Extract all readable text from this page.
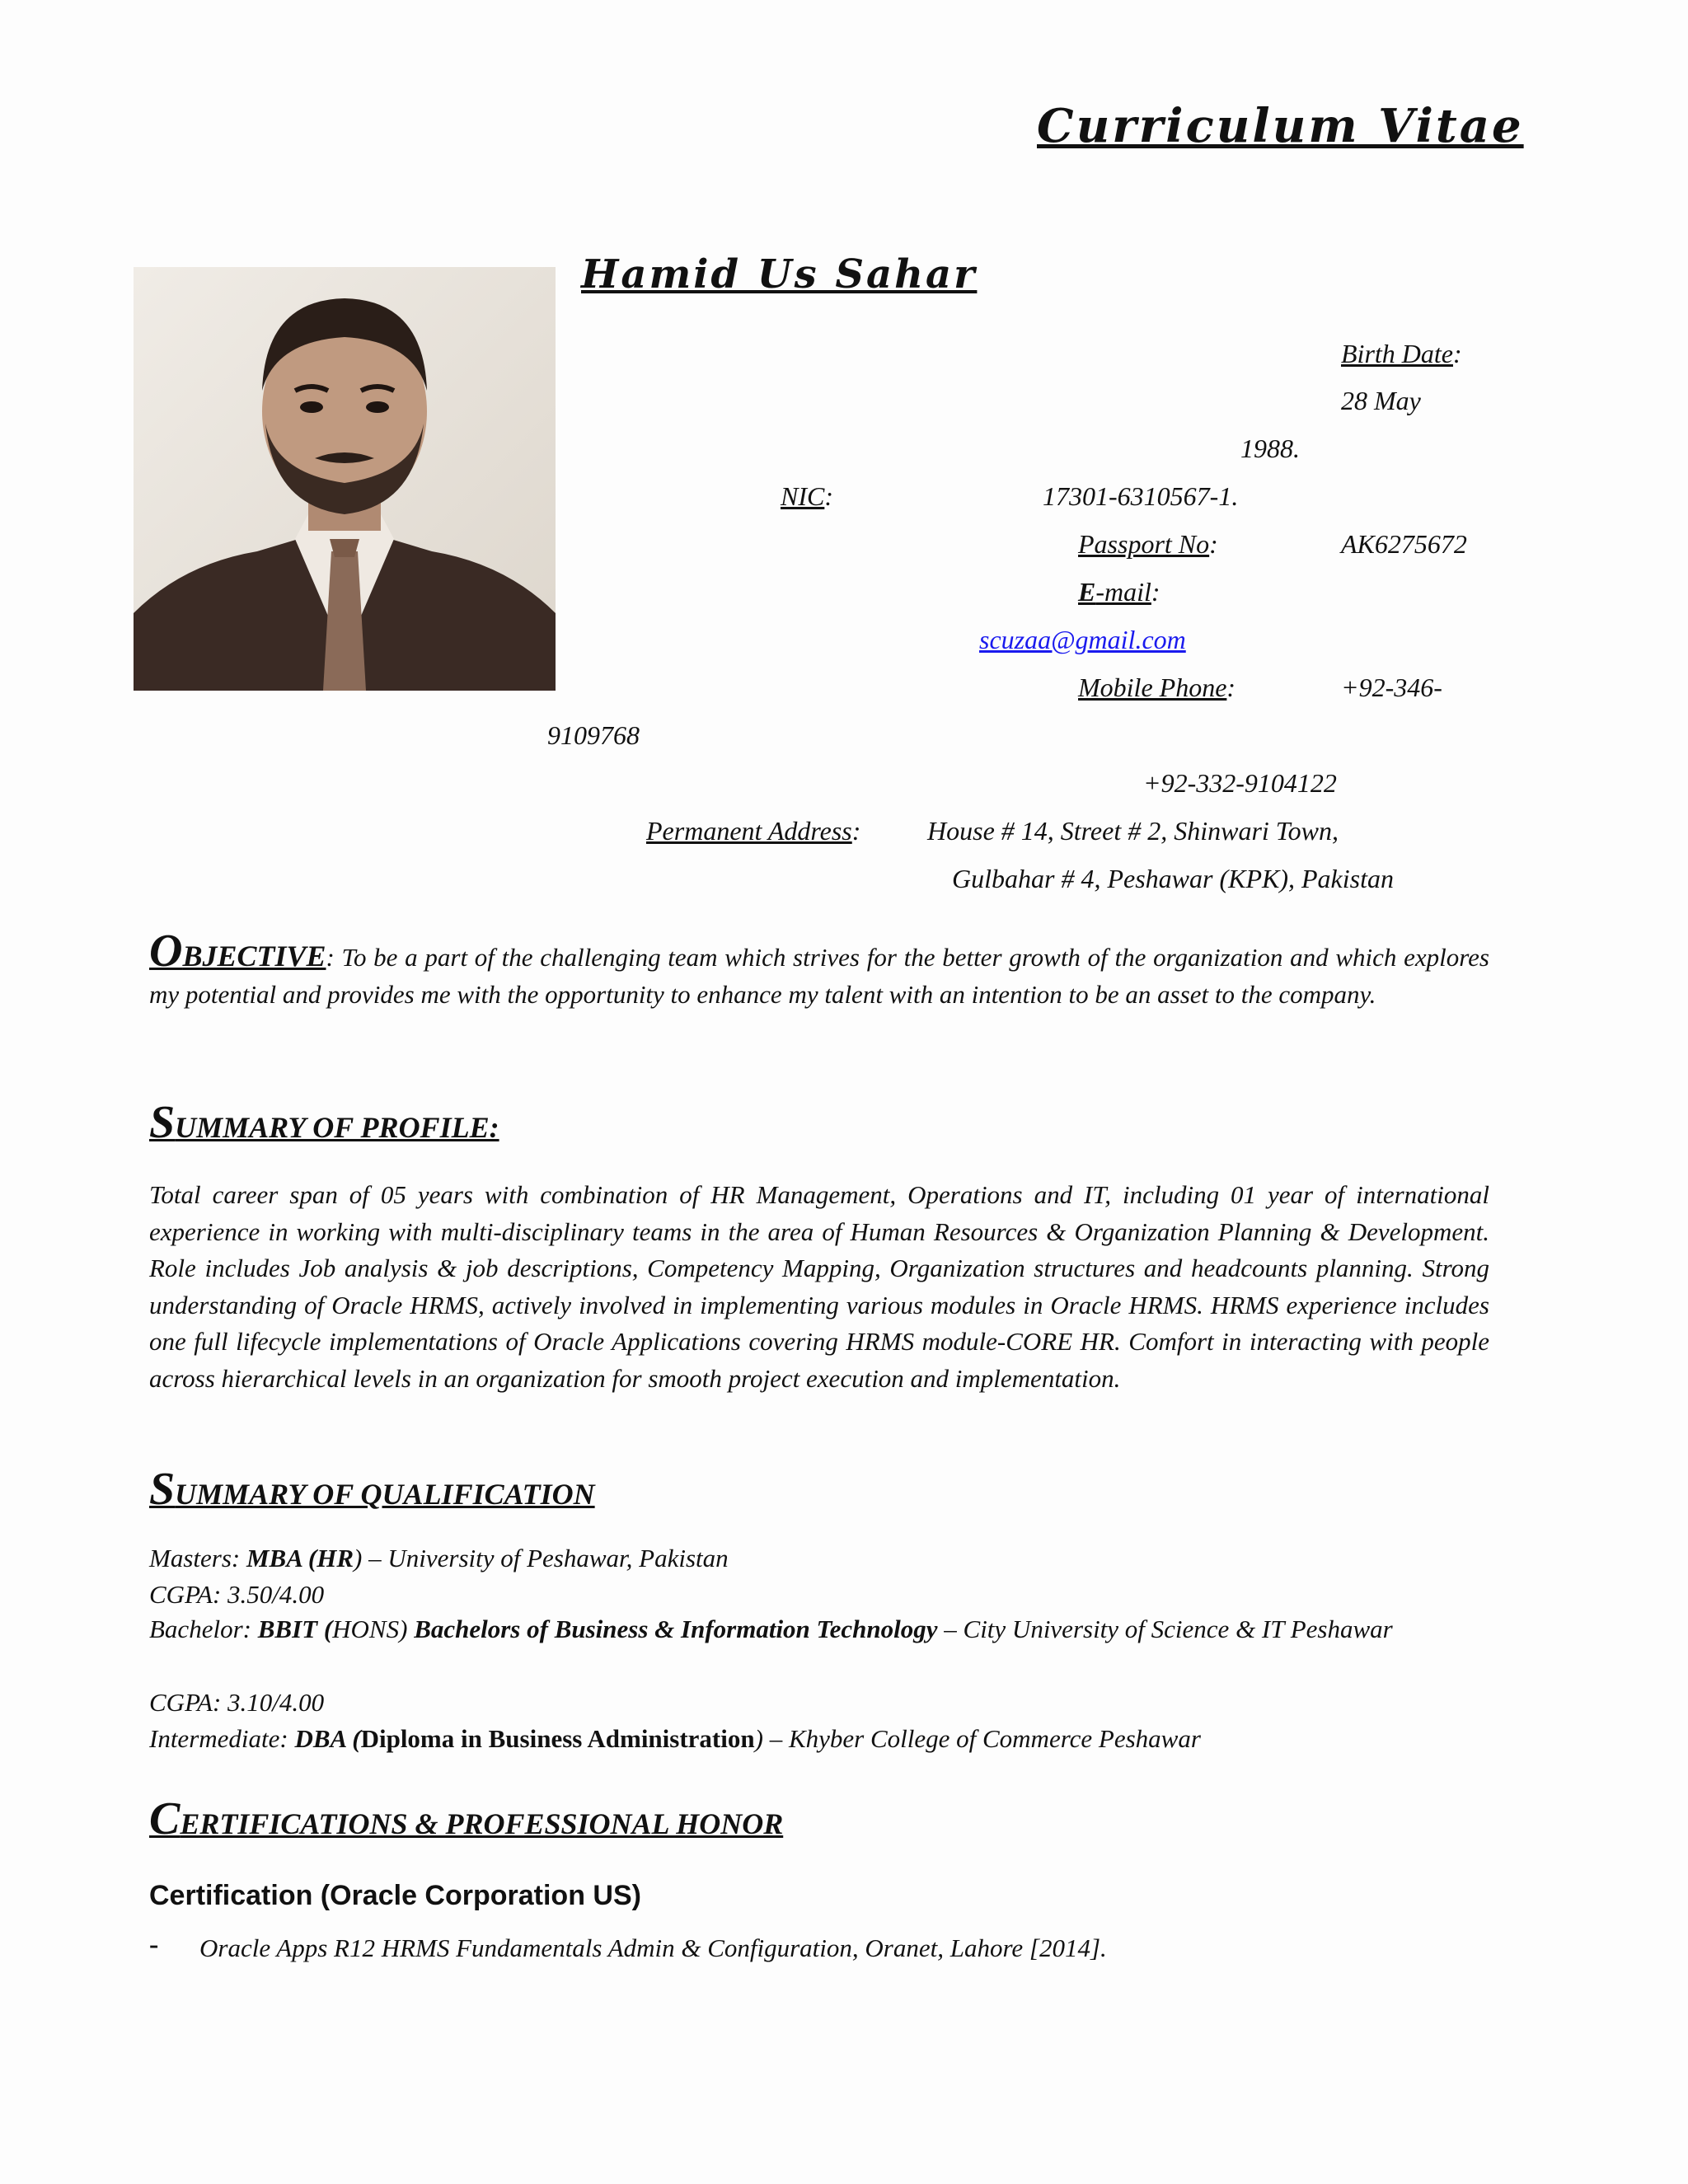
Curriculum Vitae
Hamid Us Sahar
Birth Date:
28 May
1988.
NIC:	17301-6310567-1.
Passport No:	AK6275672
E-mail:
scuzaa@gmail.com
Mobile Phone:	+92-346-
9109768
+92-332-9104122
Permanent Address:	House # 14, Street # 2, Shinwari Town,
Gulbahar # 4, Peshawar (KPK), Pakistan

OBJECTIVE: To be a part of the challenging team which strives for the better growth of the organization and which explores my potential and provides me with the opportunity to enhance my talent with an intention to be an asset to the company.

SUMMARY OF PROFILE:

Total career span of 05 years with combination of HR Management, Operations and IT, including 01 year of international experience in working with multi-disciplinary teams in the area of Human Resources & Organization Planning & Development. Role includes Job analysis & job descriptions, Competency Mapping, Organization structures and headcounts planning. Strong understanding of Oracle HRMS, actively involved in implementing various modules in Oracle HRMS. HRMS experience includes one full lifecycle implementations of Oracle Applications covering HRMS module-CORE HR. Comfort in interacting with people across hierarchical levels in an organization for smooth project execution and implementation.

SUMMARY OF QUALIFICATION
Masters: MBA (HR) – University of Peshawar, Pakistan
CGPA: 3.50/4.00
Bachelor: BBIT (HONS) Bachelors of Business & Information Technology – City University of Science & IT Peshawar
CGPA: 3.10/4.00
Intermediate: DBA (Diploma in Business Administration) – Khyber College of Commerce Peshawar
CERTIFICATIONS & PROFESSIONAL HONOR
Certification (Oracle Corporation US)
- Oracle Apps R12 HRMS Fundamentals Admin & Configuration, Oranet, Lahore [2014].
